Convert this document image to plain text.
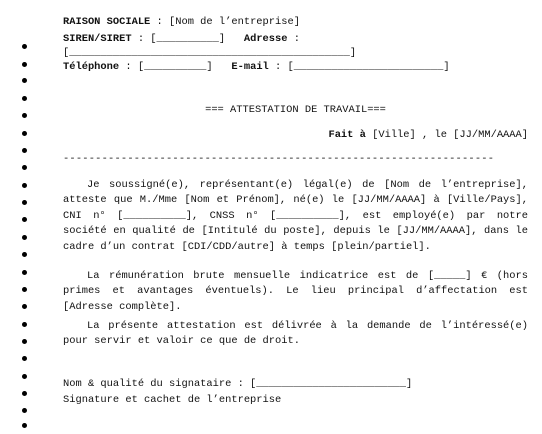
RAISON SOCIALE : [Nom de l’entreprise]
SIREN/SIRET : [__________] Adresse :
[_____________________________________________]
Téléphone : [__________] E-mail : [________________________]
=== ATTESTATION DE TRAVAIL===
Fait à [Ville] , le [JJ/MM/AAAA]
-------------------------------------------------------------------
Je soussigné(e), représentant(e) légal(e) de [Nom de l’entreprise], atteste que M./Mme [Nom et Prénom], né(e) le [JJ/MM/AAAA] à [Ville/Pays], CNI n° [__________], CNSS n° [__________], est employé(e) par notre société en qualité de [Intitulé du poste], depuis le [JJ/MM/AAAA], dans le cadre d’un contrat [CDI/CDD/autre] à temps [plein/partiel].
La rémunération brute mensuelle indicatrice est de [_____] € (hors primes et avantages éventuels). Le lieu principal d’affectation est [Adresse complète].
La présente attestation est délivrée à la demande de l’intéressé(e) pour servir et valoir ce que de droit.
Nom & qualité du signataire : [________________________]
Signature et cachet de l’entreprise
